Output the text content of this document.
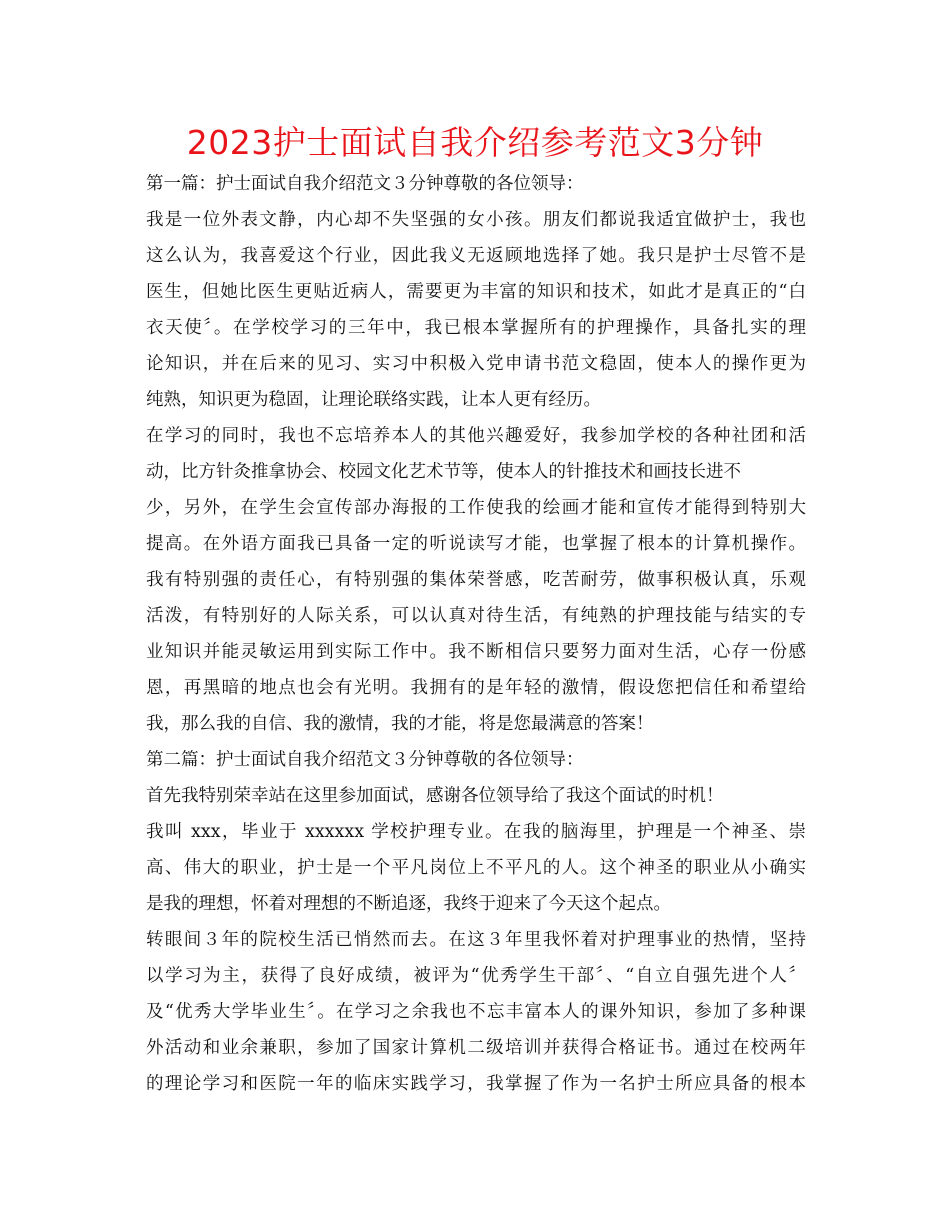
2023护士面试自我介绍参考范文3分钟
第一篇：护士面试自我介绍范文３分钟尊敬的各位领导：
我是一位外表文静，内心却不失坚强的女小孩。朋友们都说我适宜做护士，我也
这么认为，我喜爱这个行业，因此我义无返顾地选择了她。我只是护士尽管不是
医生，但她比医生更贴近病人，需要更为丰富的知识和技术，如此才是真正的“白
衣天使〞。在学校学习的三年中，我已根本掌握所有的护理操作，具备扎实的理
论知识，并在后来的见习、实习中积极入党申请书范文稳固，使本人的操作更为
纯熟，知识更为稳固，让理论联络实践，让本人更有经历。
在学习的同时，我也不忘培养本人的其他兴趣爱好，我参加学校的各种社团和活
动，比方针灸推拿协会、校园文化艺术节等，使本人的针推技术和画技长进不
少，另外，在学生会宣传部办海报的工作使我的绘画才能和宣传才能得到特别大
提高。在外语方面我已具备一定的听说读写才能，也掌握了根本的计算机操作。
我有特别强的责任心，有特别强的集体荣誉感，吃苦耐劳，做事积极认真，乐观
活泼，有特别好的人际关系，可以认真对待生活，有纯熟的护理技能与结实的专
业知识并能灵敏运用到实际工作中。我不断相信只要努力面对生活，心存一份感
恩，再黑暗的地点也会有光明。我拥有的是年轻的激情，假设您把信任和希望给
我，那么我的自信、我的激情，我的才能，将是您最满意的答案！
第二篇：护士面试自我介绍范文３分钟尊敬的各位领导：
首先我特别荣幸站在这里参加面试，感谢各位领导给了我这个面试的时机！
我叫 xxx，毕业于 xxxxxx 学校护理专业。在我的脑海里，护理是一个神圣、崇
高、伟大的职业，护士是一个平凡岗位上不平凡的人。这个神圣的职业从小确实
是我的理想，怀着对理想的不断追逐，我终于迎来了今天这个起点。
转眼间３年的院校生活已悄然而去。在这３年里我怀着对护理事业的热情，坚持
以学习为主，获得了良好成绩，被评为“优秀学生干部〞、“自立自强先进个人〞
及“优秀大学毕业生〞。在学习之余我也不忘丰富本人的课外知识，参加了多种课
外活动和业余兼职，参加了国家计算机二级培训并获得合格证书。通过在校两年
的理论学习和医院一年的临床实践学习，我掌握了作为一名护士所应具备的根本
